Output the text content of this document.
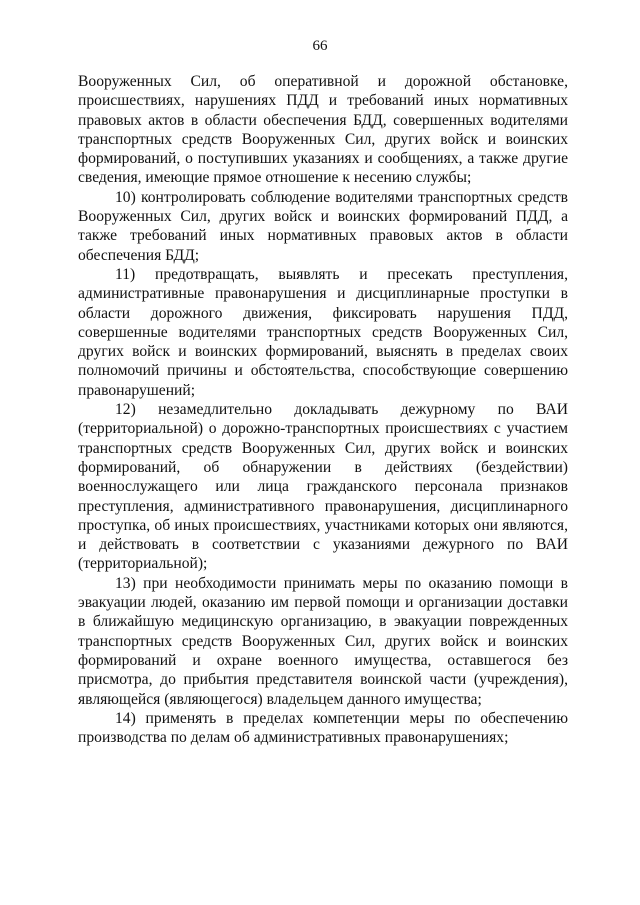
66

Вооруженных Сил, об оперативной и дорожной обстановке, происшествиях, нарушениях ПДД и требований иных нормативных правовых актов в области обеспечения БДД, совершенных водителями транспортных средств Вооруженных Сил, других войск и воинских формирований, о поступивших указаниях и сообщениях, а также другие сведения, имеющие прямое отношение к несению службы;

10) контролировать соблюдение водителями транспортных средств Вооруженных Сил, других войск и воинских формирований ПДД, а также требований иных нормативных правовых актов в области обеспечения БДД;

11) предотвращать, выявлять и пресекать преступления, административные правонарушения и дисциплинарные проступки в области дорожного движения, фиксировать нарушения ПДД, совершенные водителями транспортных средств Вооруженных Сил, других войск и воинских формирований, выяснять в пределах своих полномочий причины и обстоятельства, способствующие совершению правонарушений;

12) незамедлительно докладывать дежурному по ВАИ (территориальной) о дорожно-транспортных происшествиях с участием транспортных средств Вооруженных Сил, других войск и воинских формирований, об обнаружении в действиях (бездействии) военнослужащего или лица гражданского персонала признаков преступления, административного правонарушения, дисциплинарного проступка, об иных происшествиях, участниками которых они являются, и действовать в соответствии с указаниями дежурного по ВАИ (территориальной);

13) при необходимости принимать меры по оказанию помощи в эвакуации людей, оказанию им первой помощи и организации доставки в ближайшую медицинскую организацию, в эвакуации поврежденных транспортных средств Вооруженных Сил, других войск и воинских формирований и охране военного имущества, оставшегося без присмотра, до прибытия представителя воинской части (учреждения), являющейся (являющегося) владельцем данного имущества;

14) применять в пределах компетенции меры по обеспечению производства по делам об административных правонарушениях;
